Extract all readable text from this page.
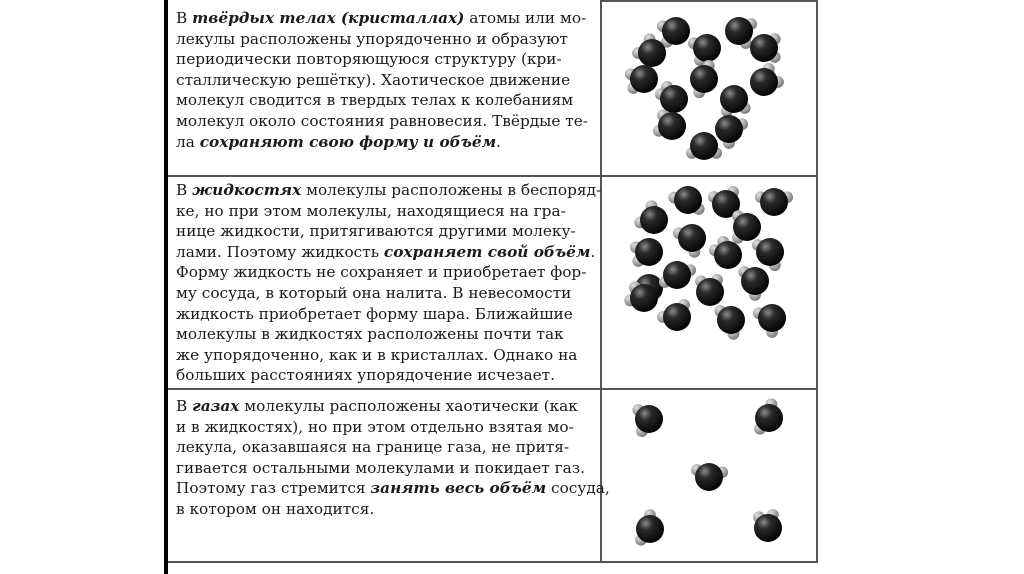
В твёрдых телах (кристаллах) атомы или мо-
лекулы расположены упорядоченно и образуют
периодически повторяющуюся структуру (кри-
сталлическую решётку). Хаотическое движение
молекул сводится в твердых телах к колебаниям
молекул около состояния равновесия. Твёрдые те-
ла сохраняют свою форму и объём.
В жидкостях молекулы расположены в беспоряд-
ке, но при этом молекулы, находящиеся на гра-
нице жидкости, притягиваются другими молеку-
лами. Поэтому жидкость сохраняет свой объём.
Форму жидкость не сохраняет и приобретает фор-
му сосуда, в который она налита. В невесомости
жидкость приобретает форму шара. Ближайшие
молекулы в жидкостях расположены почти так
же упорядоченно, как и в кристаллах. Однако на
больших расстояниях упорядочение исчезает.
В газах молекулы расположены хаотически (как
и в жидкостях), но при этом отдельно взятая мо-
лекула, оказавшаяся на границе газа, не притя-
гивается остальными молекулами и покидает газ.
Поэтому газ стремится занять весь объём сосуда,
в котором он находится.
